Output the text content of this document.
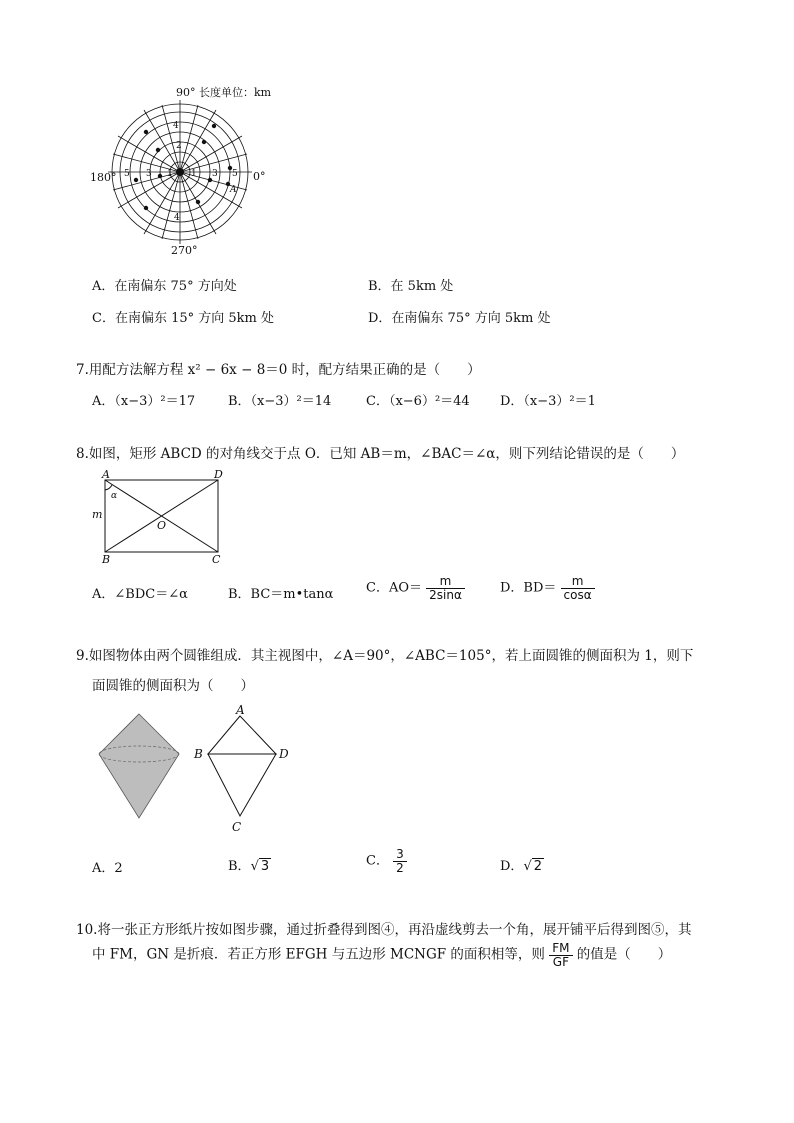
5 3 1 1 3 5
4
2
4
A
90° 长度单位：km
180°	0°
270°
A．在南偏东 75° 方向处	B．在 5km 处
C．在南偏东 15° 方向 5km 处	D．在南偏东 75° 方向 5km 处
7.用配方法解方程 x² − 6x − 8＝0 时，配方结果正确的是（　　）
A．（x−3）²＝17	B．（x−3）²＝14	C．（x−6）²＝44 D．（x−3）²＝1
8.如图，矩形 ABCD 的对角线交于点 O．已知 AB＝m，∠BAC＝∠α，则下列结论错误的是（　　）
A	D
B	C
O
m
α
A．∠BDC＝∠α	B．BC＝m•tanα	C．$AO= \frac{m}{2\sin\alpha}$	D．$BD= \frac{m}{\cos\alpha}$
9.如图物体由两个圆锥组成．其主视图中，∠A＝90°，∠ABC＝105°，若上面圆锥的侧面积为 1，则下
面圆锥的侧面积为（　　）
A
B	D
C
A．2	B．√ 3	C． $\frac{3}{2}$	D．√ 2
10.将一张正方形纸片按如图步骤，通过折叠得到图④，再沿虚线剪去一个角，展开铺平后得到图⑤，其
中 FM，GN 是折痕．若正方形 EFGH 与五边形 MCNGF 的面积相等，则 $\frac{FM}{GF}$ 的值是（　　）
